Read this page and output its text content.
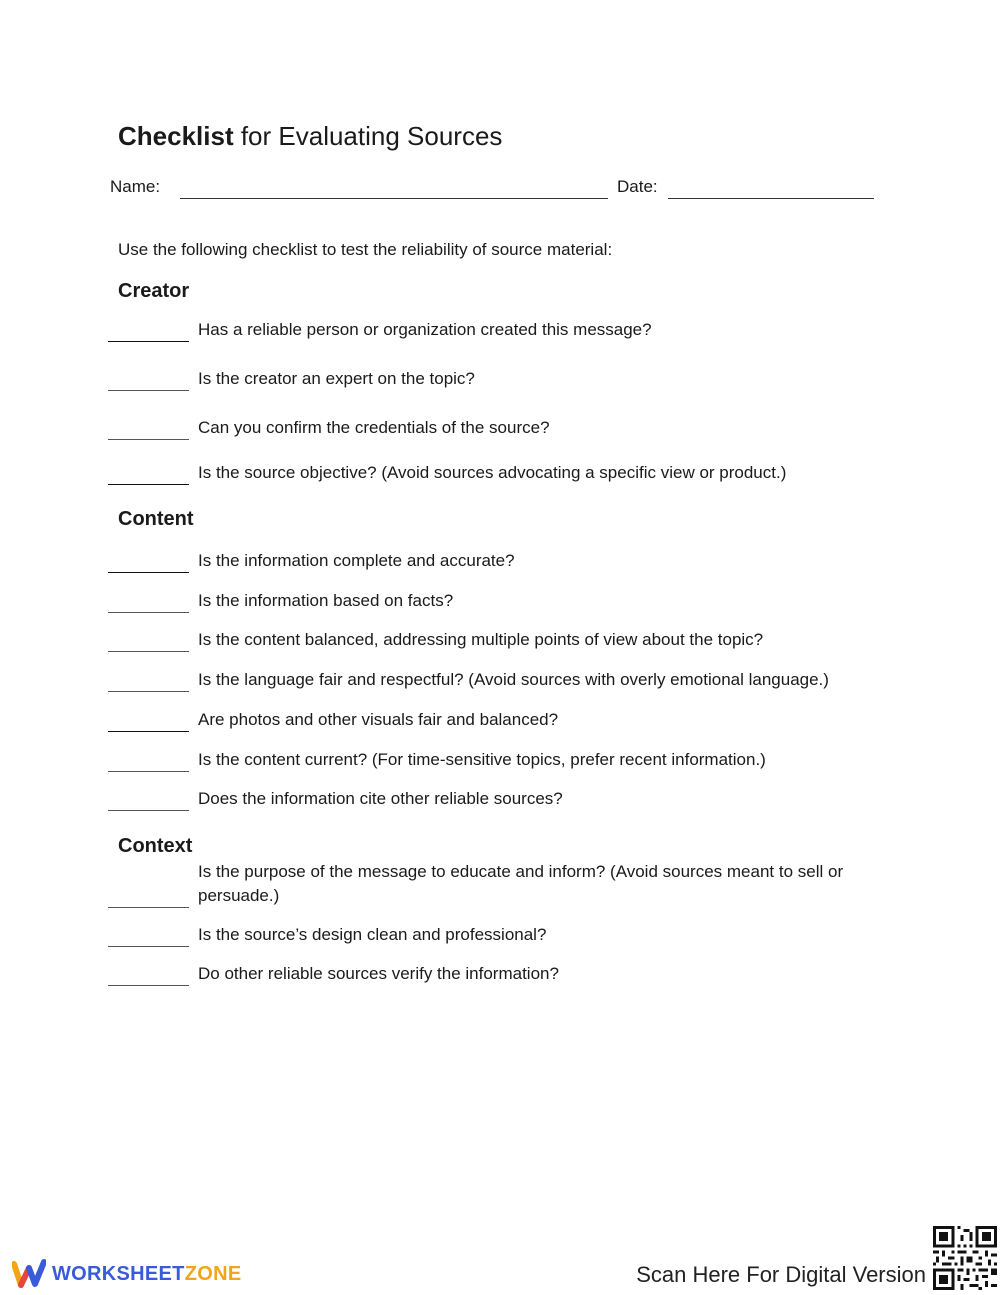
Checklist for Evaluating Sources
Name:	Date:
Use the following checklist to test the reliability of source material:
Creator
Has a reliable person or organization created this message?
Is the creator an expert on the topic?
Can you confirm the credentials of the source?
Is the source objective? (Avoid sources advocating a specific view or product.)
Content
Is the information complete and accurate?
Is the information based on facts?
Is the content balanced, addressing multiple points of view about the topic?
Is the language fair and respectful? (Avoid sources with overly emotional language.)
Are photos and other visuals fair and balanced?
Is the content current? (For time-sensitive topics, prefer recent information.)
Does the information cite other reliable sources?
Context
Is the purpose of the message to educate and inform? (Avoid sources meant to sell or persuade.)
Is the source’s design clean and professional?
Do other reliable sources verify the information?
WORKSHEETZONE	Scan Here For Digital Version
